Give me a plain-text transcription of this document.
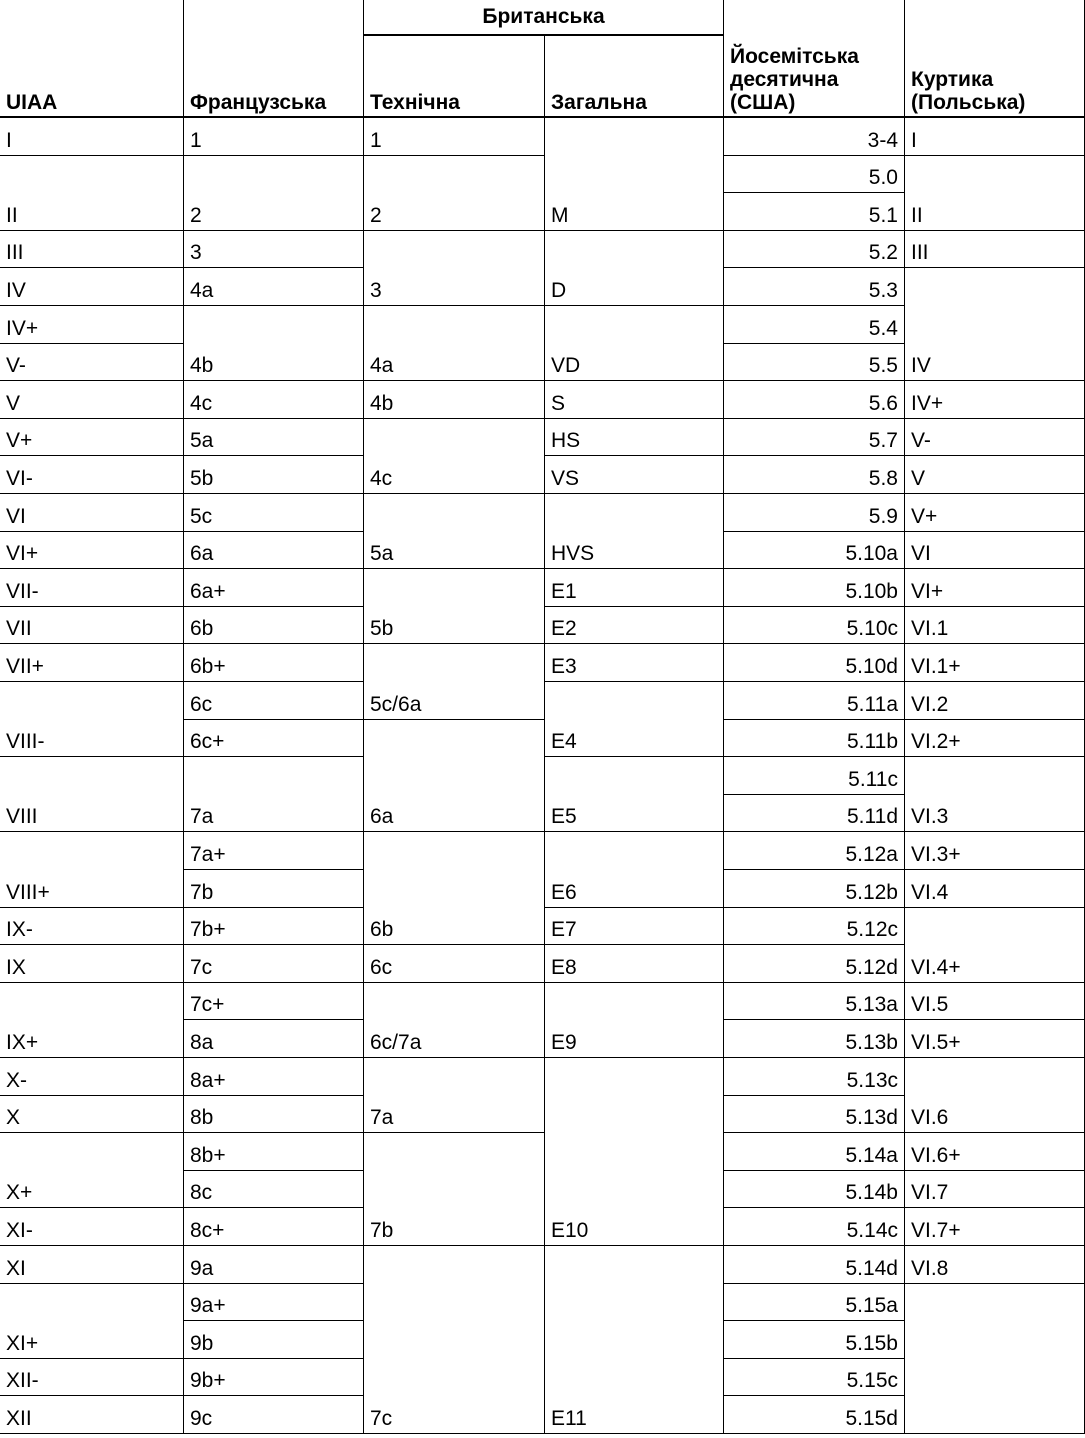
UIAA	Французська
Британська
Технічна	Загальна
Йосемітська
десятична
(США)
Куртика
(Польська)
I
II
III
IV
IV+
V-
V
V+
VI-
VI
VI+
VII-
VII
VII+
VIII-
VIII
VIII+
IX-
IX
IX+
X-
X
X+
XI-
XI
XI+
XII-
XII
1
2
3
4a
4b
4c
5a
5b
5c
6a
6a+
6b
6b+
6c
6c+
7a
7a+
7b
7b+
7c
7c+
8a
8a+
8b
8b+
8c
8c+
9a
9a+
9b
9b+
9c
1
2
3
4a
4b
4c
5a
5b
5c/6a
6a
6b
6c
6c/7a
7a
7b
7c
M
D
VD
S
HS
VS
HVS
E1
E2
E3
E4
E5
E6
E7
E8
E9
E10
E11
3-4
5.0
5.1
5.2
5.3
5.4
5.5
5.6
5.7
5.8
5.9
5.10a
5.10b
5.10c
5.10d
5.11a
5.11b
5.11c
5.11d
5.12a
5.12b
5.12c
5.12d
5.13a
5.13b
5.13c
5.13d
5.14a
5.14b
5.14c
5.14d
5.15a
5.15b
5.15c
5.15d
I
II
III
IV
IV+
V-
V
V+
VI
VI+
VI.1
VI.1+
VI.2
VI.2+
VI.3
VI.3+
VI.4
VI.4+
VI.5
VI.5+
VI.6
VI.6+
VI.7
VI.7+
VI.8
